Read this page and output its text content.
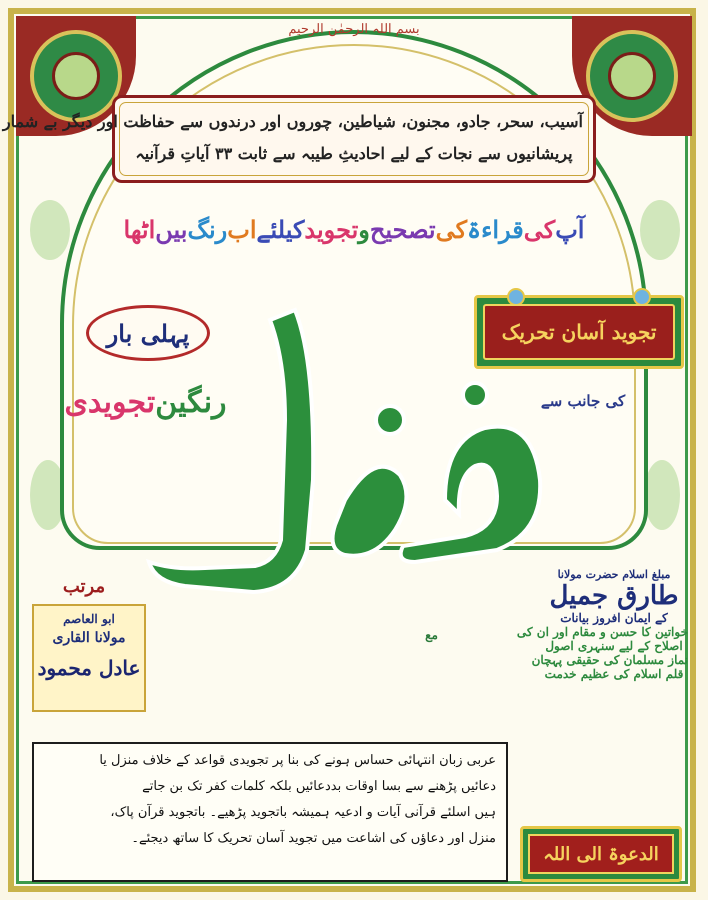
بسم اللہ الرحمٰن الرحیم

آسیب، سحر، جادو، مجنون، شیاطین، چوروں اور درندوں سے حفاظت اور دیگر بے شمار

پریشانیوں سے نجات کے لیے احادیثِ طیبہ سے ثابت ۳۳ آیاتِ قرآنیہ

آپکیقراءۃکیتصحیحوتجویدکیلئےابرنگبیںاٹھا
پہلی بار
رنگینتجویدی
تجوید آسان تحریک
کی جانب سے
مع
مرتب

ابو العاصم

مولانا القاری

عادل محمود

مبلغ اسلام حضرت مولانا

طارق جمیل

کے ایمان افروز بیانات

خواتین کا حسن و مقام اور ان کی

اصلاح کے لیے سنہری اصول

نماز مسلمان کی حقیقی پہچان

قلم اسلام کی عظیم خدمت

عربی زبان انتہائی حساس ہونے کی بنا پر تجویدی قواعد کے خلاف منزل یا

دعائیں پڑھنے سے بسا اوقات بددعائیں بلکہ کلمات کفر تک بن جاتے

ہیں اسلئے قرآنی آیات و ادعیہ ہمیشہ باتجوید پڑھیے۔ باتجوید قرآن پاک،

منزل اور دعاؤں کی اشاعت میں تجوید آسان تحریک کا ساتھ دیجئے۔

الدعوۃ الی اللہ
